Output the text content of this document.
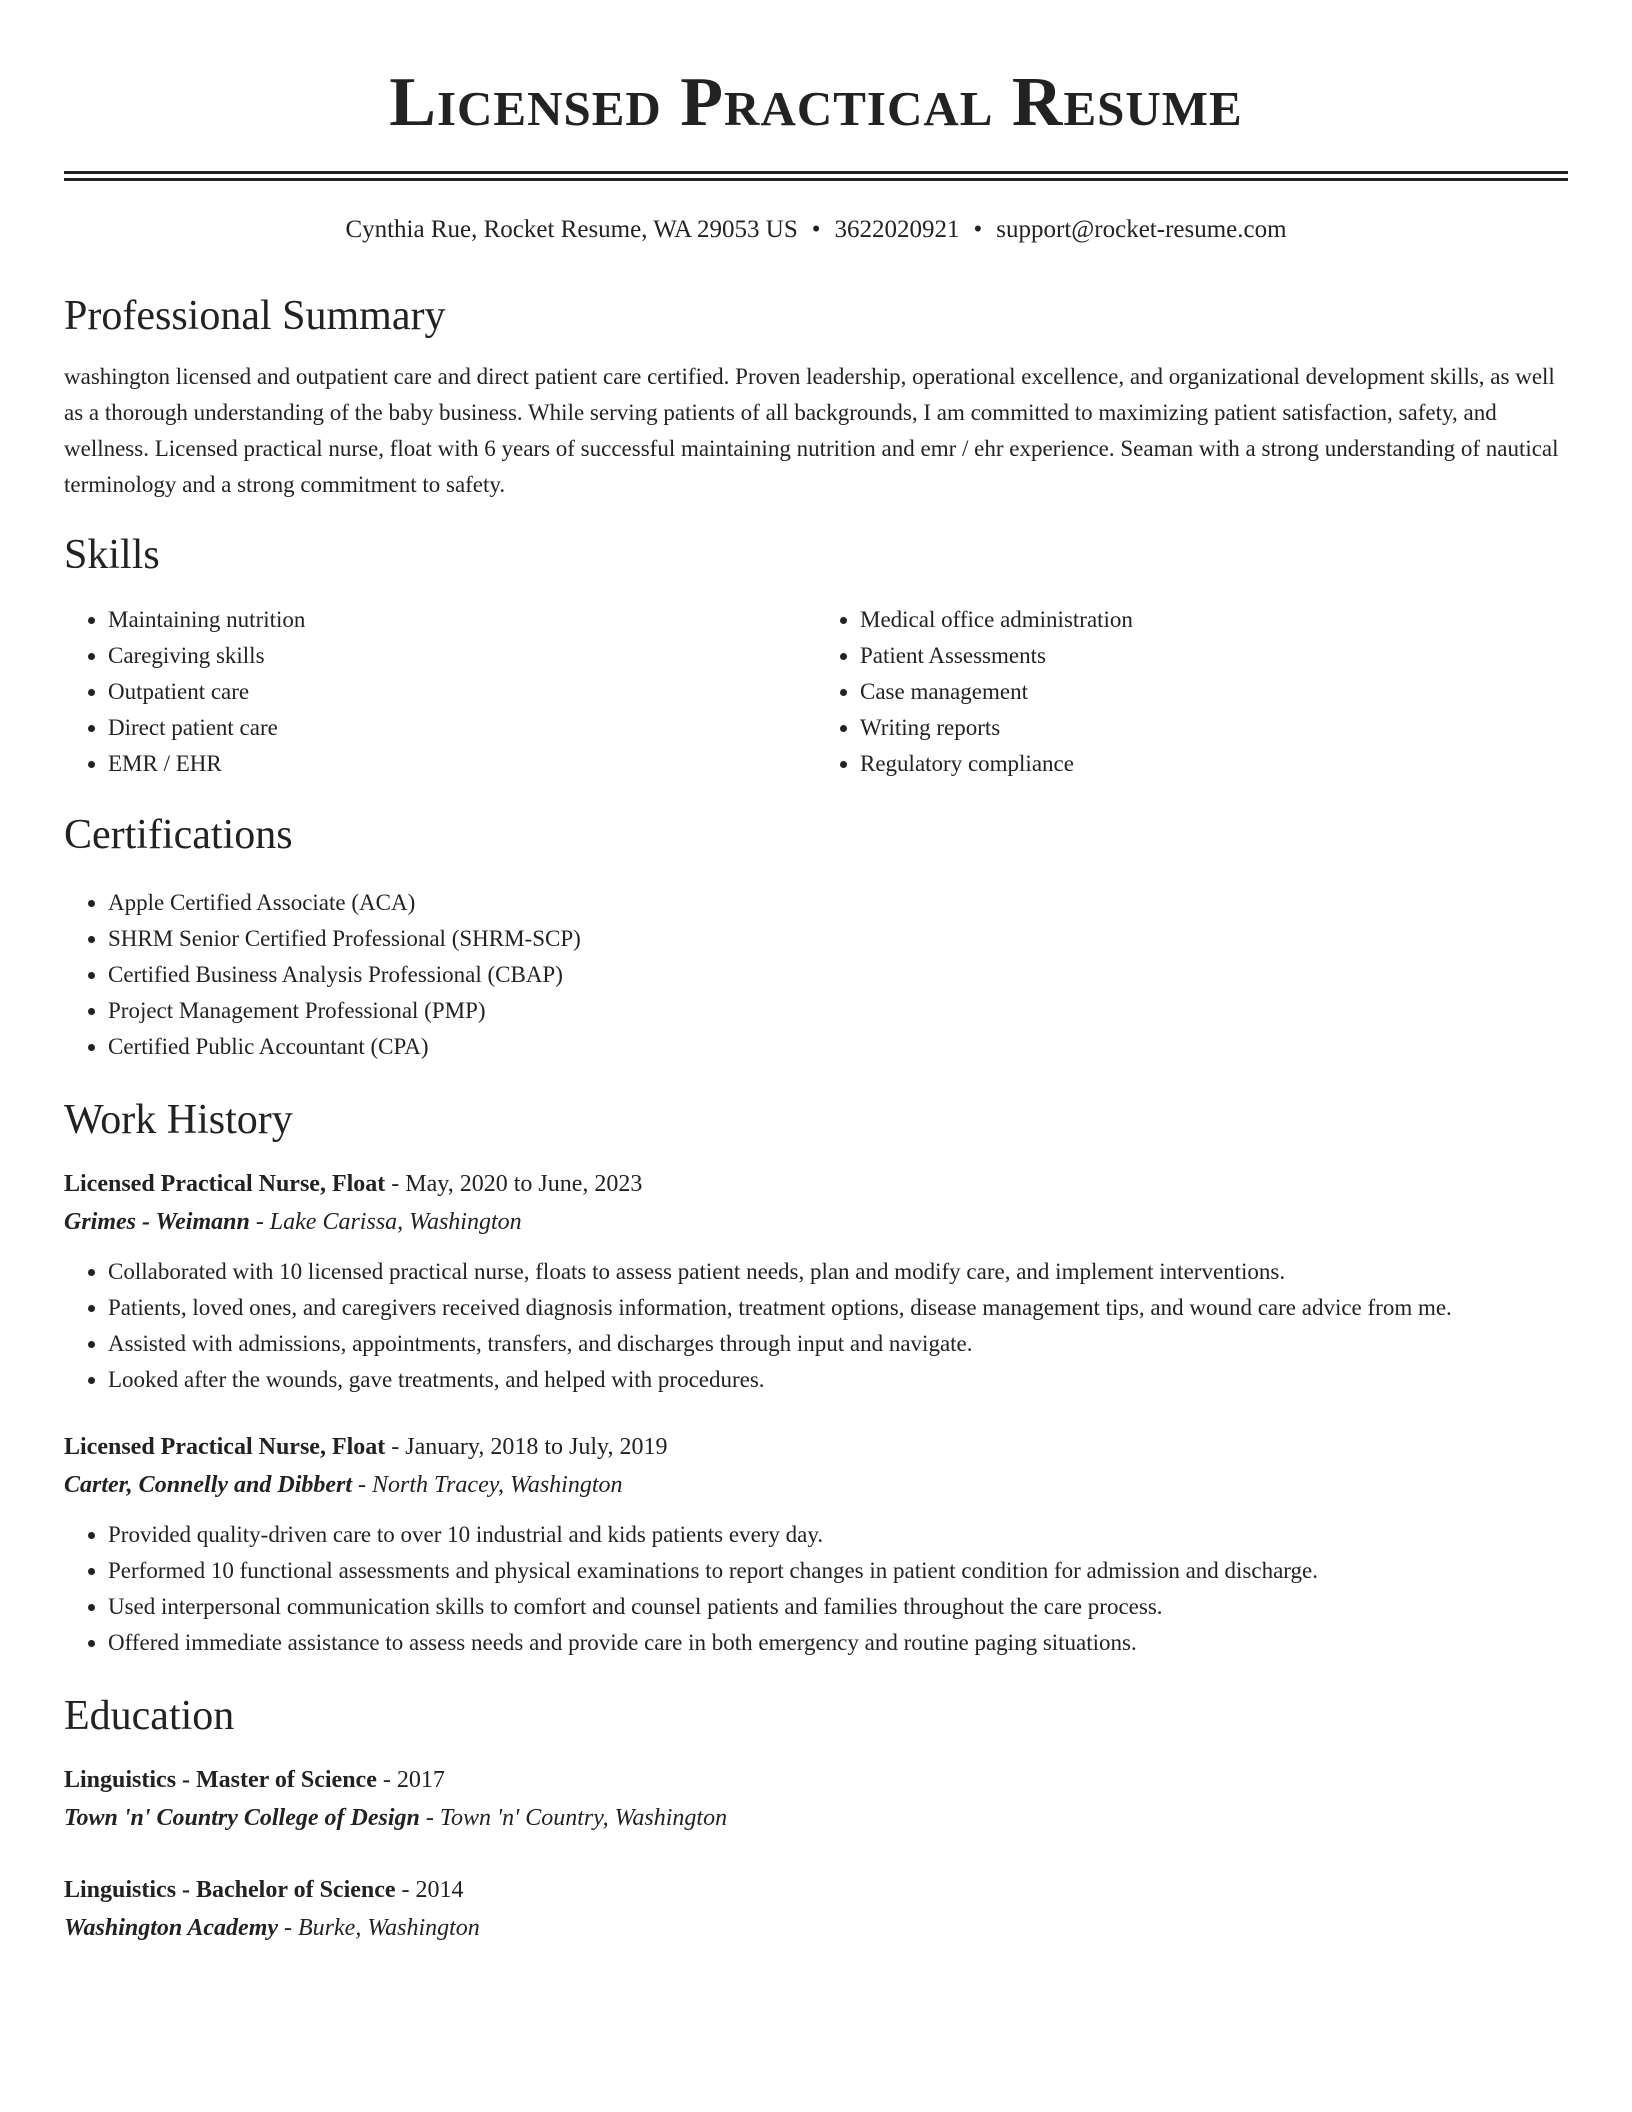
Licensed Practical Resume
Cynthia Rue, Rocket Resume, WA 29053 US • 3622020921 • support@rocket-resume.com
Professional Summary

washington licensed and outpatient care and direct patient care certified. Proven leadership, operational excellence, and organizational development skills, as well as a thorough understanding of the baby business. While serving patients of all backgrounds, I am committed to maximizing patient satisfaction, safety, and wellness. Licensed practical nurse, float with 6 years of successful maintaining nutrition and emr / ehr experience. Seaman with a strong understanding of nautical terminology and a strong commitment to safety.

Skills
• Maintaining nutrition
• Caregiving skills
• Outpatient care
• Direct patient care
• EMR / EHR
• Medical office administration
• Patient Assessments
• Case management
• Writing reports
• Regulatory compliance
Certifications
• Apple Certified Associate (ACA)
• SHRM Senior Certified Professional (SHRM-SCP)
• Certified Business Analysis Professional (CBAP)
• Project Management Professional (PMP)
• Certified Public Accountant (CPA)
Work History
Licensed Practical Nurse, Float - May, 2020 to June, 2023
Grimes - Weimann - Lake Carissa, Washington
• Collaborated with 10 licensed practical nurse, floats to assess patient needs, plan and modify care, and implement interventions.
• Patients, loved ones, and caregivers received diagnosis information, treatment options, disease management tips, and wound care advice from me.
• Assisted with admissions, appointments, transfers, and discharges through input and navigate.
• Looked after the wounds, gave treatments, and helped with procedures.
Licensed Practical Nurse, Float - January, 2018 to July, 2019
Carter, Connelly and Dibbert - North Tracey, Washington
• Provided quality-driven care to over 10 industrial and kids patients every day.
• Performed 10 functional assessments and physical examinations to report changes in patient condition for admission and discharge.
• Used interpersonal communication skills to comfort and counsel patients and families throughout the care process.
• Offered immediate assistance to assess needs and provide care in both emergency and routine paging situations.
Education
Linguistics - Master of Science - 2017
Town 'n' Country College of Design - Town 'n' Country, Washington
Linguistics - Bachelor of Science - 2014
Washington Academy - Burke, Washington
